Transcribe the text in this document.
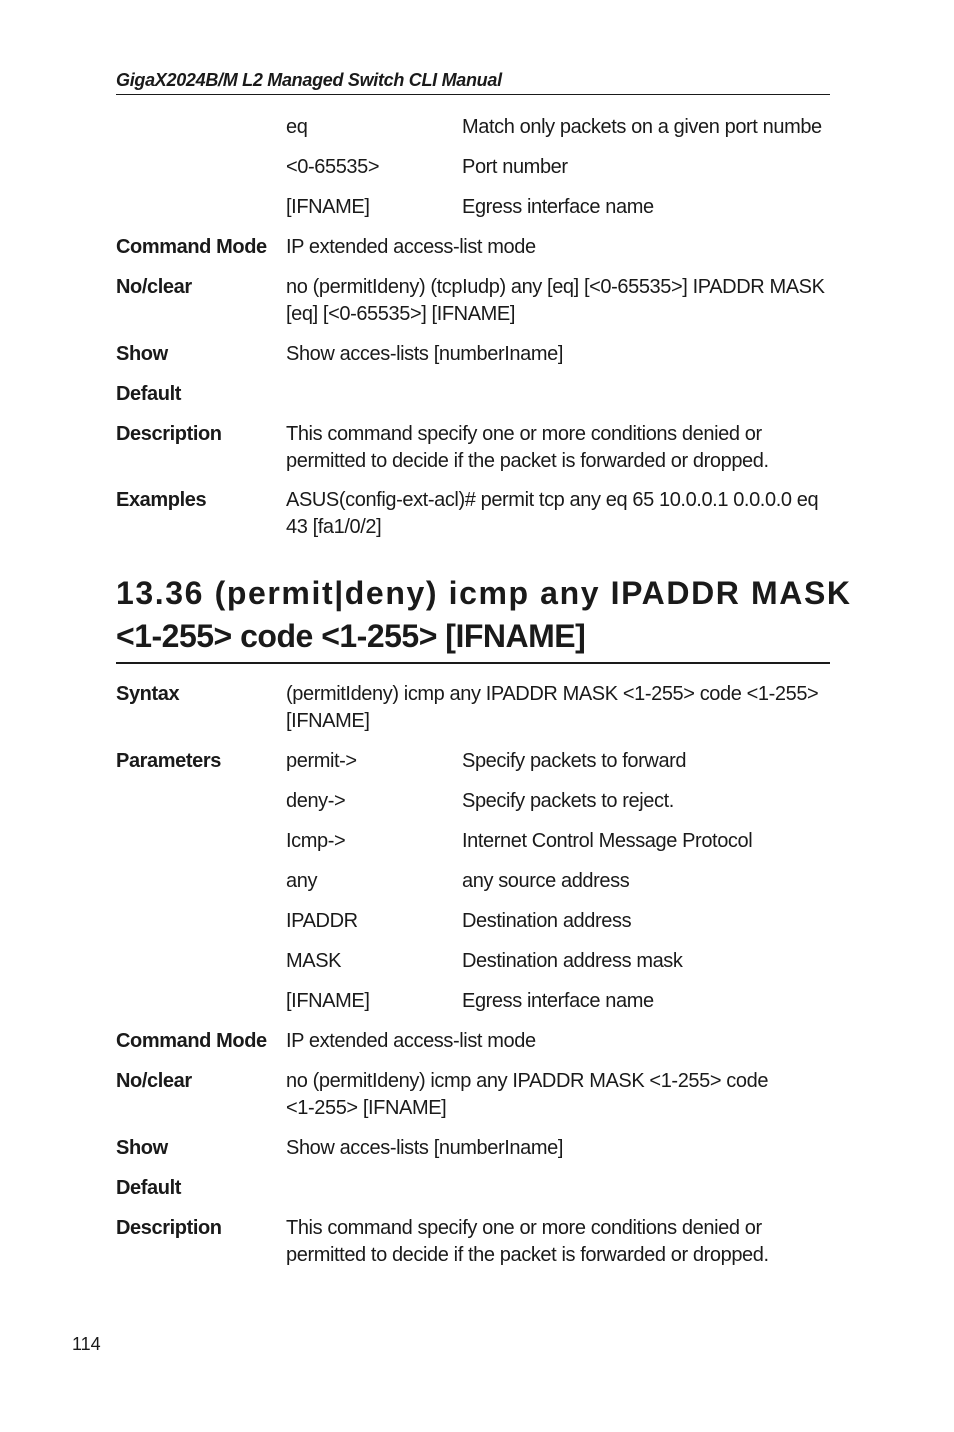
GigaX2024B/M L2 Managed Switch CLI Manual
eq	Match only packets on a given port numbe
<0-65535>	Port number
[IFNAME]	Egress interface name
Command Mode IP extended access-list mode
No/clear	no (permitIdeny) (tcpIudp) any [eq] [<0-65535>] IPADDR MASK
[eq] [<0-65535>] [IFNAME]
Show	Show acces-lists [numberIname]
Default
Description	This command specify one or more conditions denied or
permitted to decide if the packet is forwarded or dropped.
Examples	ASUS(config-ext-acl)# permit tcp any eq 65 10.0.0.1 0.0.0.0 eq
43 [fa1/0/2]
13.36 (permit|deny) icmp any IPADDR MASK
<1-255> code <1-255> [IFNAME]
Syntax	(permitIdeny) icmp any IPADDR MASK <1-255> code <1-255>
[IFNAME]
Parameters	permit->	Specify packets to forward
deny->	Specify packets to reject.
Icmp->	Internet Control Message Protocol
any	any source address
IPADDR	Destination address
MASK	Destination address mask
[IFNAME]	Egress interface name
Command Mode IP extended access-list mode
No/clear	no (permitIdeny) icmp any IPADDR MASK <1-255> code
<1-255> [IFNAME]
Show	Show acces-lists [numberIname]
Default
Description	This command specify one or more conditions denied or
permitted to decide if the packet is forwarded or dropped.
114
